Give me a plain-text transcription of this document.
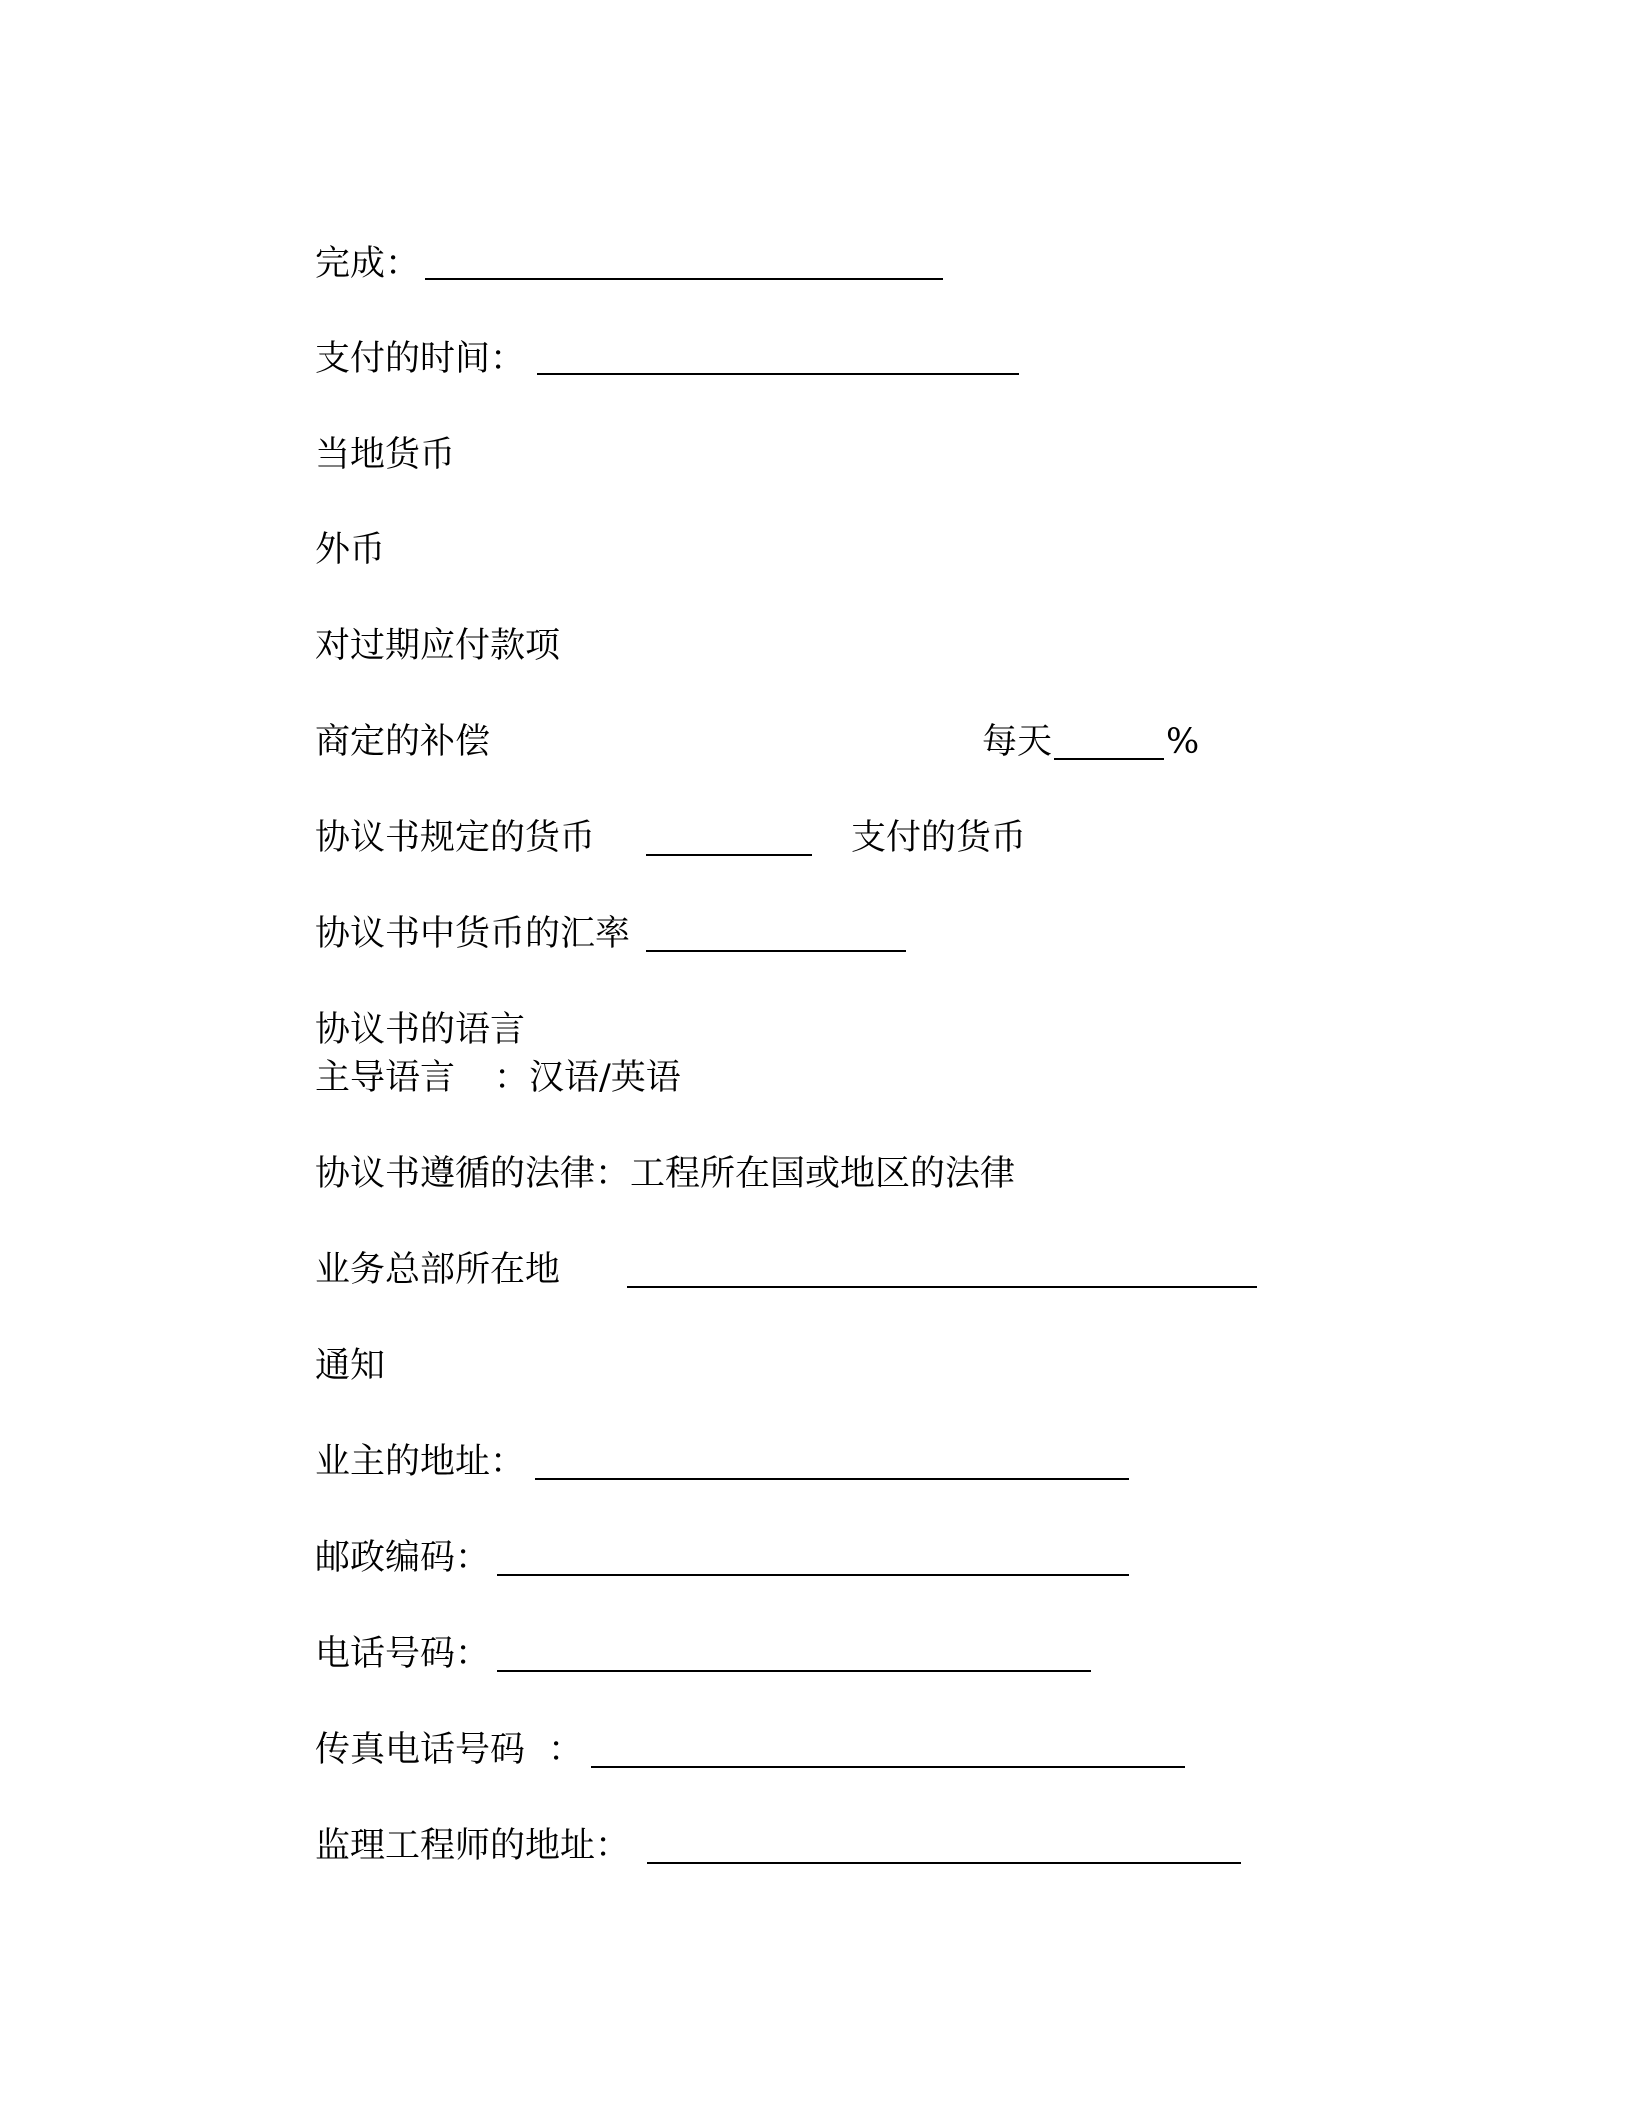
完成：
支付的时间：
当地货币
外币
对过期应付款项
商定的补偿	每天	%
协议书规定的货币	支付的货币
协议书中货币的汇率
协议书的语言
主导语言 ：汉语/英语
协议书遵循的法律：工程所在国或地区的法律
业务总部所在地
通知
业主的地址：
邮政编码：
电话号码：
传真电话号码 ：
监理工程师的地址：
